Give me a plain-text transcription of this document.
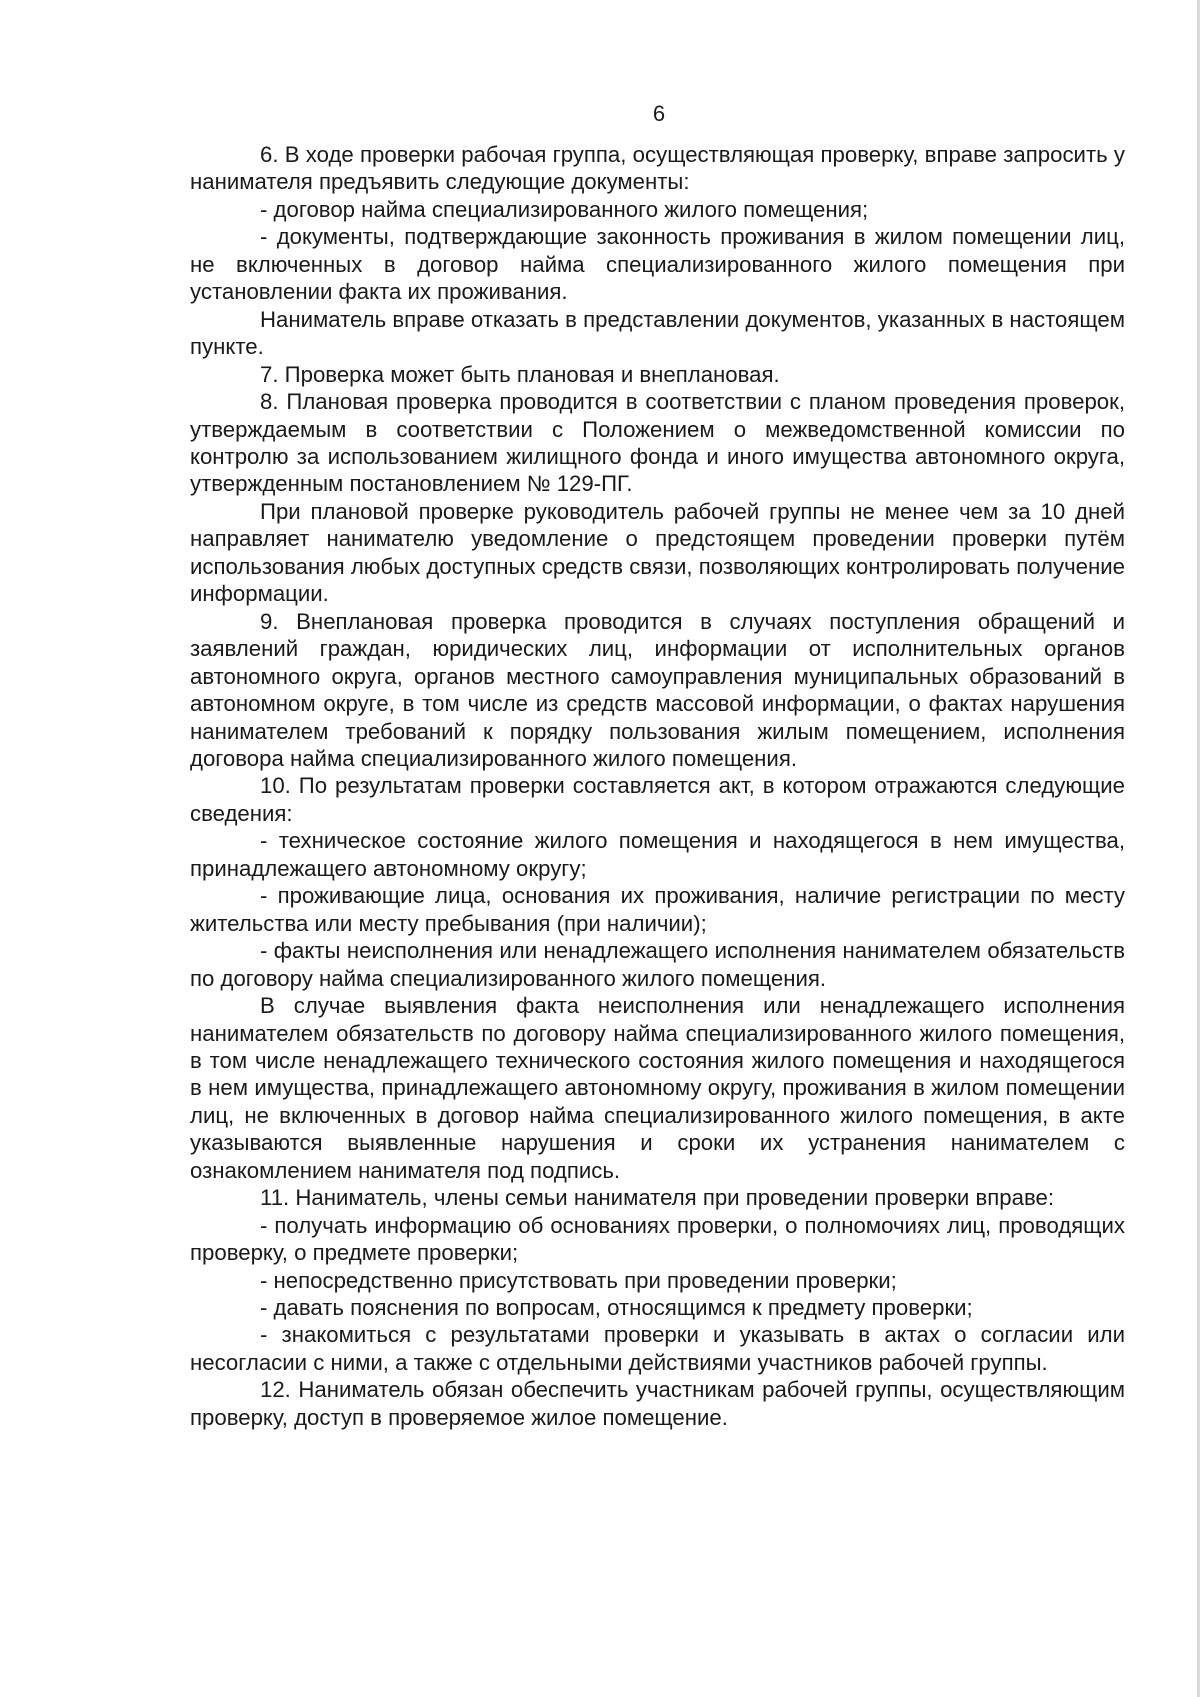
6

6. В ходе проверки рабочая группа, осуществляющая проверку, вправе запросить у нанимателя предъявить следующие документы:

- договор найма специализированного жилого помещения;

- документы, подтверждающие законность проживания в жилом помещении лиц, не включенных в договор найма специализированного жилого помещения при установлении факта их проживания.

Наниматель вправе отказать в представлении документов, указанных в настоящем пункте.

7. Проверка может быть плановая и внеплановая.

8. Плановая проверка проводится в соответствии с планом проведения проверок, утверждаемым в соответствии с Положением о межведомственной комиссии по контролю за использованием жилищного фонда и иного имущества автономного округа, утвержденным постановлением № 129-ПГ.

При плановой проверке руководитель рабочей группы не менее чем за 10 дней направляет нанимателю уведомление о предстоящем проведении проверки путём использования любых доступных средств связи, позволяющих контролировать получение информации.

9. Внеплановая проверка проводится в случаях поступления обращений и заявлений граждан, юридических лиц, информации от исполнительных органов автономного округа, органов местного самоуправления муниципальных образований в автономном округе, в том числе из средств массовой информации, о фактах нарушения нанимателем требований к порядку пользования жилым помещением, исполнения договора найма специализированного жилого помещения.

10. По результатам проверки составляется акт, в котором отражаются следующие сведения:

- техническое состояние жилого помещения и находящегося в нем имущества, принадлежащего автономному округу;

- проживающие лица, основания их проживания, наличие регистрации по месту жительства или месту пребывания (при наличии);

- факты неисполнения или ненадлежащего исполнения нанимателем обязательств по договору найма специализированного жилого помещения.

В случае выявления факта неисполнения или ненадлежащего исполнения нанимателем обязательств по договору найма специализированного жилого помещения, в том числе ненадлежащего технического состояния жилого помещения и находящегося в нем имущества, принадлежащего автономному округу, проживания в жилом помещении лиц, не включенных в договор найма специализированного жилого помещения, в акте указываются выявленные нарушения и сроки их устранения нанимателем с ознакомлением нанимателя под подпись.

11. Наниматель, члены семьи нанимателя при проведении проверки вправе:

- получать информацию об основаниях проверки, о полномочиях лиц, проводящих проверку, о предмете проверки;

- непосредственно присутствовать при проведении проверки;

- давать пояснения по вопросам, относящимся к предмету проверки;

- знакомиться с результатами проверки и указывать в актах о согласии или несогласии с ними, а также с отдельными действиями участников рабочей группы.

12. Наниматель обязан обеспечить участникам рабочей группы, осуществляющим проверку, доступ в проверяемое жилое помещение.
